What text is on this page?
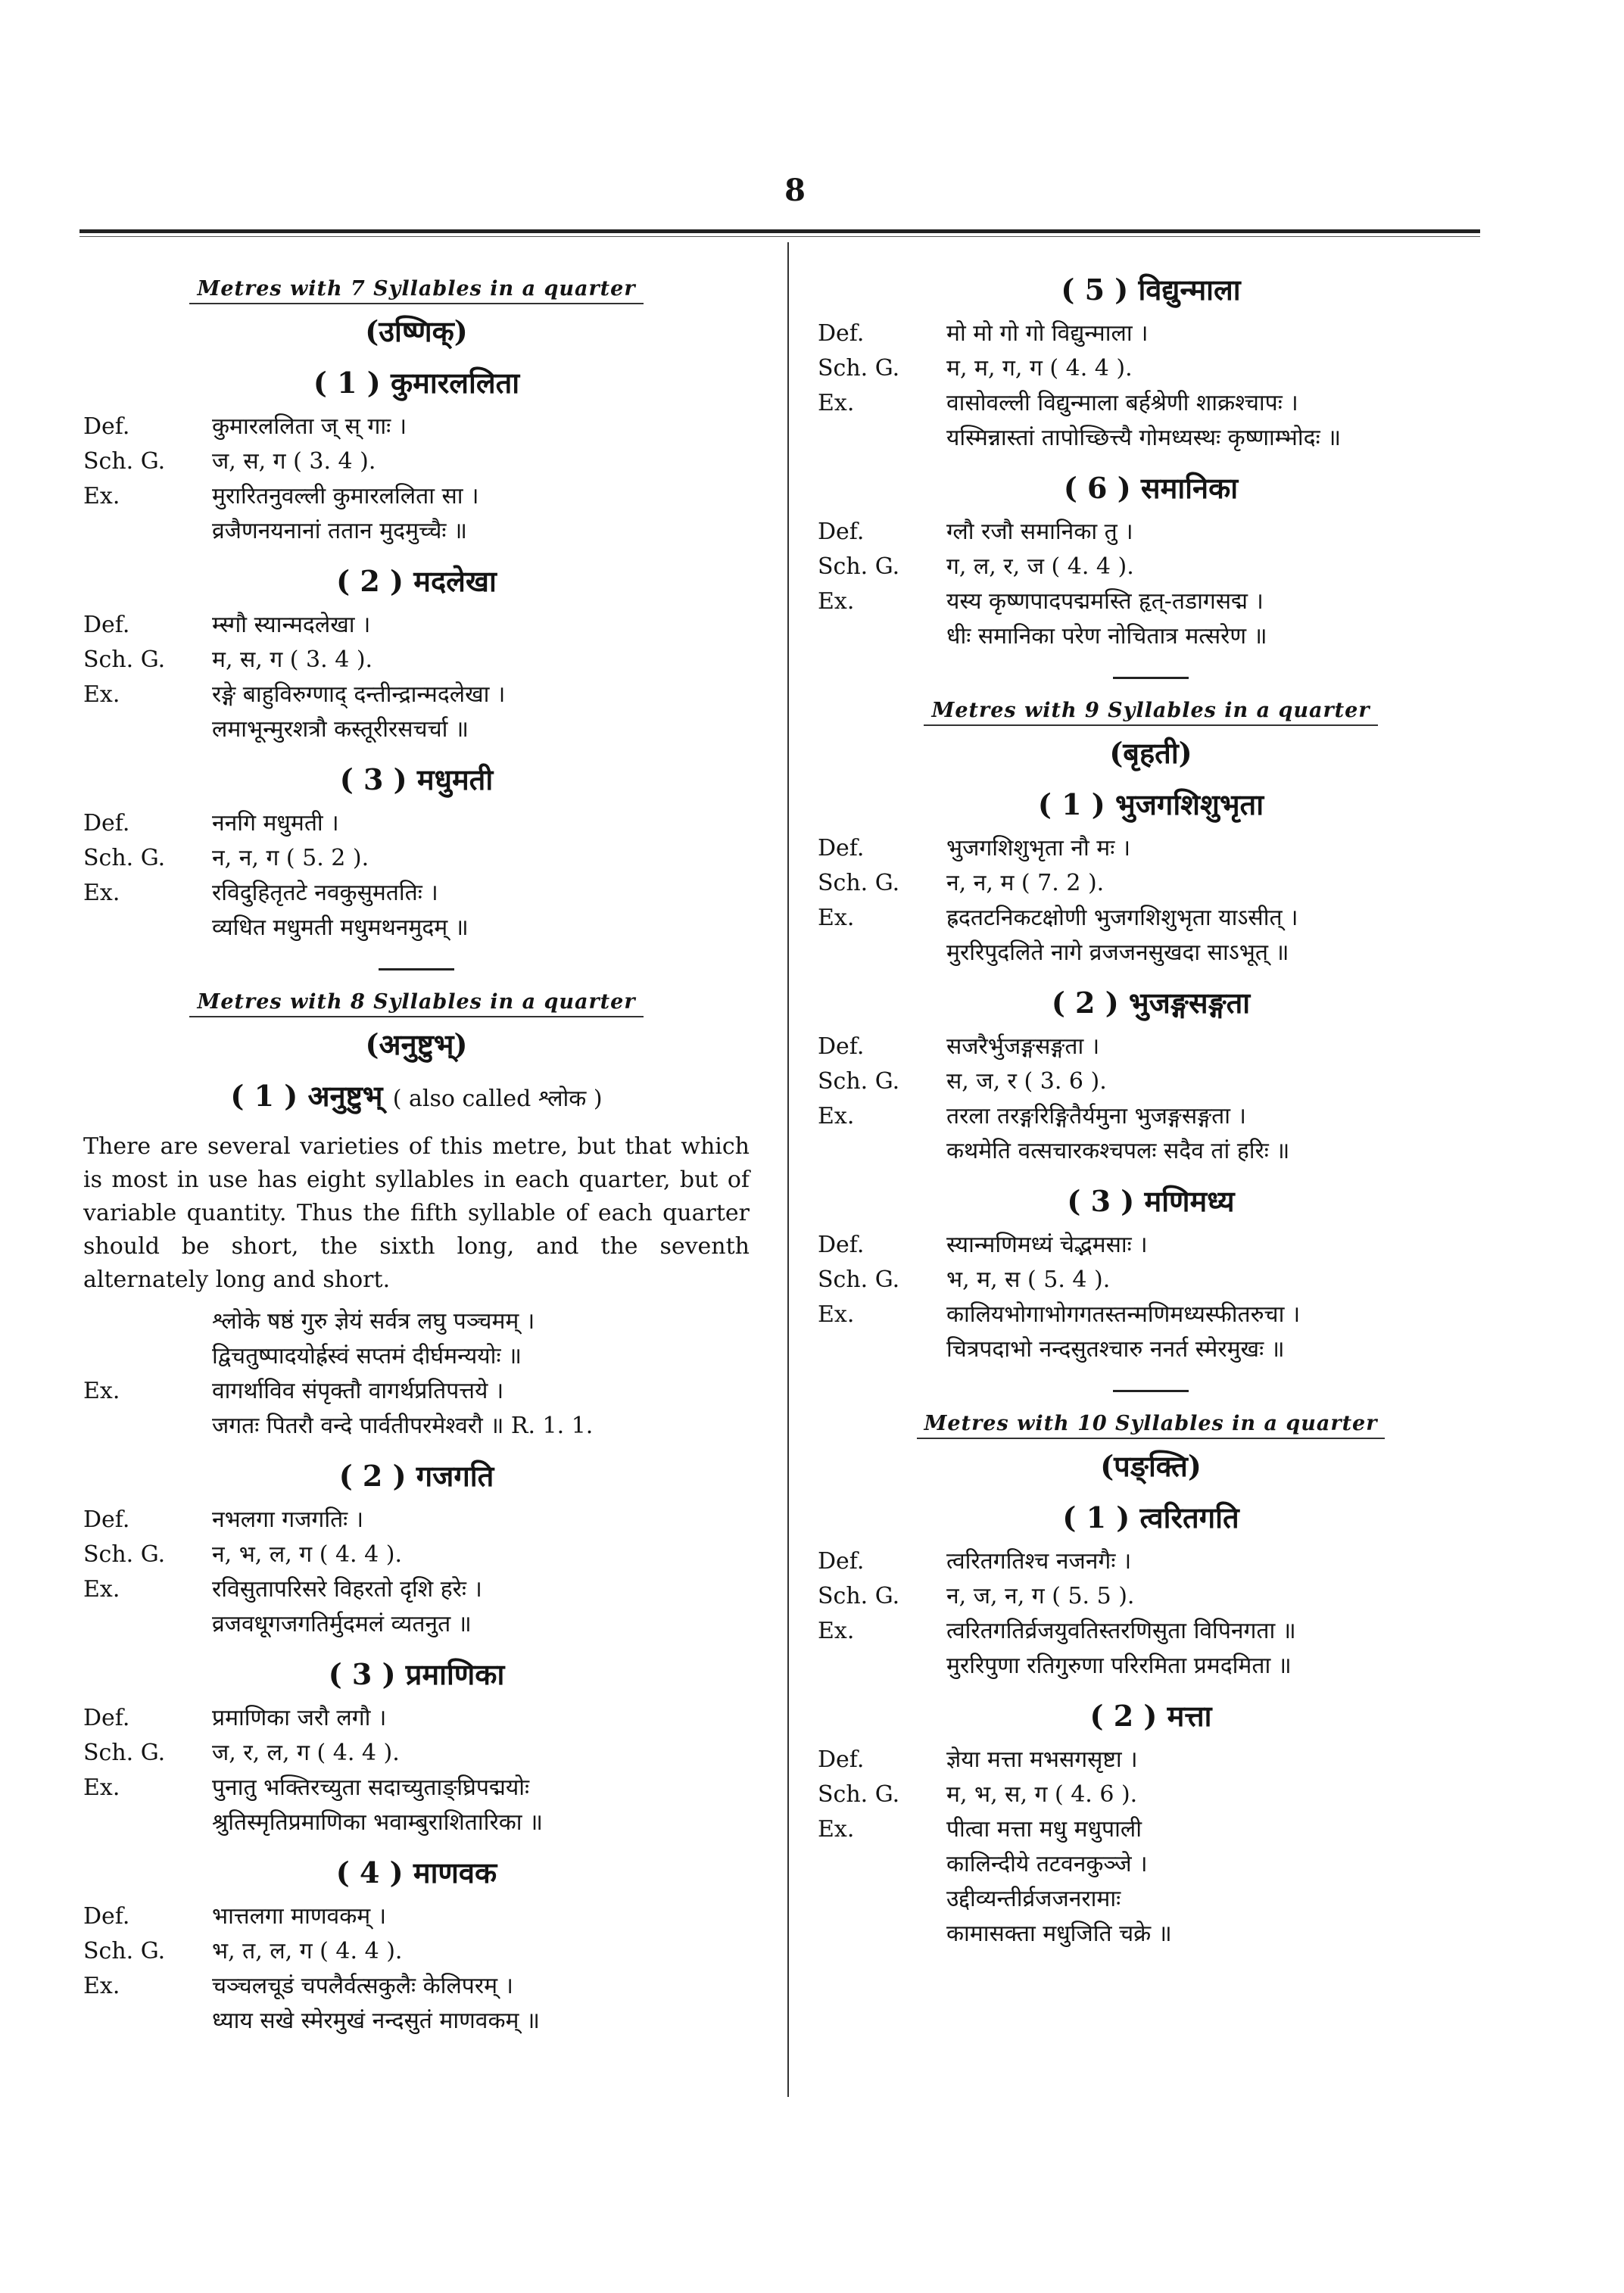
8
Metres with 7 Syllables in a quarter
(उष्णिक्)
( 1 ) कुमारललिता
Def.	कुमारललिता ज्‌ स्‌ गाः ।
Sch. G.	ज, स, ग ( 3. 4 ).
Ex.	मुरारितनुवल्ली कुमारललिता सा ।
व्रजैणनयनानां ततान मुदमुच्चैः ॥
( 2 ) मदलेखा
Def.	म्स्गौ स्यान्मदलेखा ।
Sch. G.	म, स, ग ( 3. 4 ).
Ex.	रङ्गे बाहुविरुग्णाद् दन्तीन्द्रान्मदलेखा ।
लमाभून्मुरशत्रौ कस्तूरीरसचर्चा ॥
( 3 ) मधुमती
Def.	ननगि मधुमती ।
Sch. G.	न, न, ग ( 5. 2 ).
Ex.	रविदुहितृतटे नवकुसुमततिः ।
व्यधित मधुमती मधुमथनमुदम्‌ ॥
Metres with 8 Syllables in a quarter
(अनुष्टुभ्)
( 1 ) अनुष्टुभ् ( also called श्लोक )
There are several varieties of this metre, but that which is most in use has eight syllables in each quarter, but of variable quantity. Thus the fifth syllable of each quarter should be short, the sixth long, and the seventh alternately long and short.
श्लोके षष्ठं गुरु ज्ञेयं सर्वत्र लघु पञ्चमम्‌ ।
द्विचतुष्पादयोर्ह्रस्वं सप्तमं दीर्घमन्ययोः ॥
Ex.	वागर्थाविव संपृक्तौ वागर्थप्रतिपत्तये ।
जगतः पितरौ वन्दे पार्वतीपरमेश्वरौ ॥ R. 1. 1.
( 2 ) गजगति
Def.	नभलगा गजगतिः ।
Sch. G.	न, भ, ल, ग ( 4. 4 ).
Ex.	रविसुतापरिसरे विहरतो दृशि हरेः ।
व्रजवधूगजगतिर्मुदमलं व्यतनुत ॥
( 3 ) प्रमाणिका
Def.	प्रमाणिका जरौ लगौ ।
Sch. G.	ज, र, ल, ग ( 4. 4 ).
Ex.	पुनातु भक्तिरच्युता सदाच्युताङ्घ्रिपद्मयोः
श्रुतिस्मृतिप्रमाणिका भवाम्बुराशितारिका ॥
( 4 ) माणवक
Def.	भात्तलगा माणवकम्‌ ।
Sch. G.	भ, त, ल, ग ( 4. 4 ).
Ex.	चञ्चलचूडं चपलैर्वत्सकुलैः केलिपरम्‌ ।
ध्याय सखे स्मेरमुखं नन्दसुतं माणवकम्‌ ॥
( 5 ) विद्युन्माला
Def.	मो मो गो गो विद्युन्माला ।
Sch. G.	म, म, ग, ग ( 4. 4 ).
Ex.	वासोवल्ली विद्युन्माला बर्हश्रेणी शाक्रश्चापः ।
यस्मिन्नास्तां तापोच्छित्त्यै गोमध्यस्थः कृष्णाम्भोदः ॥
( 6 ) समानिका
Def.	ग्लौ रजौ समानिका तु ।
Sch. G.	ग, ल, र, ज ( 4. 4 ).
Ex.	यस्य कृष्णपादपद्ममस्ति हृत्-तडागसद्म ।
धीः समानिका परेण नोचितात्र मत्सरेण ॥
Metres with 9 Syllables in a quarter
(बृहती)
( 1 ) भुजगशिशुभृता
Def.	भुजगशिशुभृता नौ मः ।
Sch. G.	न, न, म ( 7. 2 ).
Ex.	ह्रदतटनिकटक्षोणी भुजगशिशुभृता याऽसीत्‌ ।
मुररिपुदलिते नागे व्रजजनसुखदा साऽभूत्‌ ॥
( 2 ) भुजङ्गसङ्गता
Def.	सजरैर्भुजङ्गसङ्गता ।
Sch. G.	स, ज, र ( 3. 6 ).
Ex.	तरला तरङ्गरिङ्गितैर्यमुना भुजङ्गसङ्गता ।
कथमेति वत्सचारकश्चपलः सदैव तां हरिः ॥
( 3 ) मणिमध्य
Def.	स्यान्मणिमध्यं चेद्भमसाः ।
Sch. G.	भ, म, स ( 5. 4 ).
Ex.	कालियभोगाभोगगतस्तन्मणिमध्यस्फीतरुचा ।
चित्रपदाभो नन्दसुतश्चारु ननर्त स्मेरमुखः ॥
Metres with 10 Syllables in a quarter
(पङ्क्ति)
( 1 ) त्वरितगति
Def.	त्वरितगतिश्च नजनगैः ।
Sch. G.	न, ज, न, ग ( 5. 5 ).
Ex.	त्वरितगतिर्व्रजयुवतिस्तरणिसुता विपिनगता ॥
मुररिपुणा रतिगुरुणा परिरमिता प्रमदमिता ॥
( 2 ) मत्ता
Def.	ज्ञेया मत्ता मभसगसृष्टा ।
Sch. G.	म, भ, स, ग ( 4. 6 ).
Ex.	पीत्वा मत्ता मधु मधुपाली
कालिन्दीये तटवनकुञ्जे ।
उद्दीव्यन्तीर्व्रजजनरामाः
कामासक्ता मधुजिति चक्रे ॥
